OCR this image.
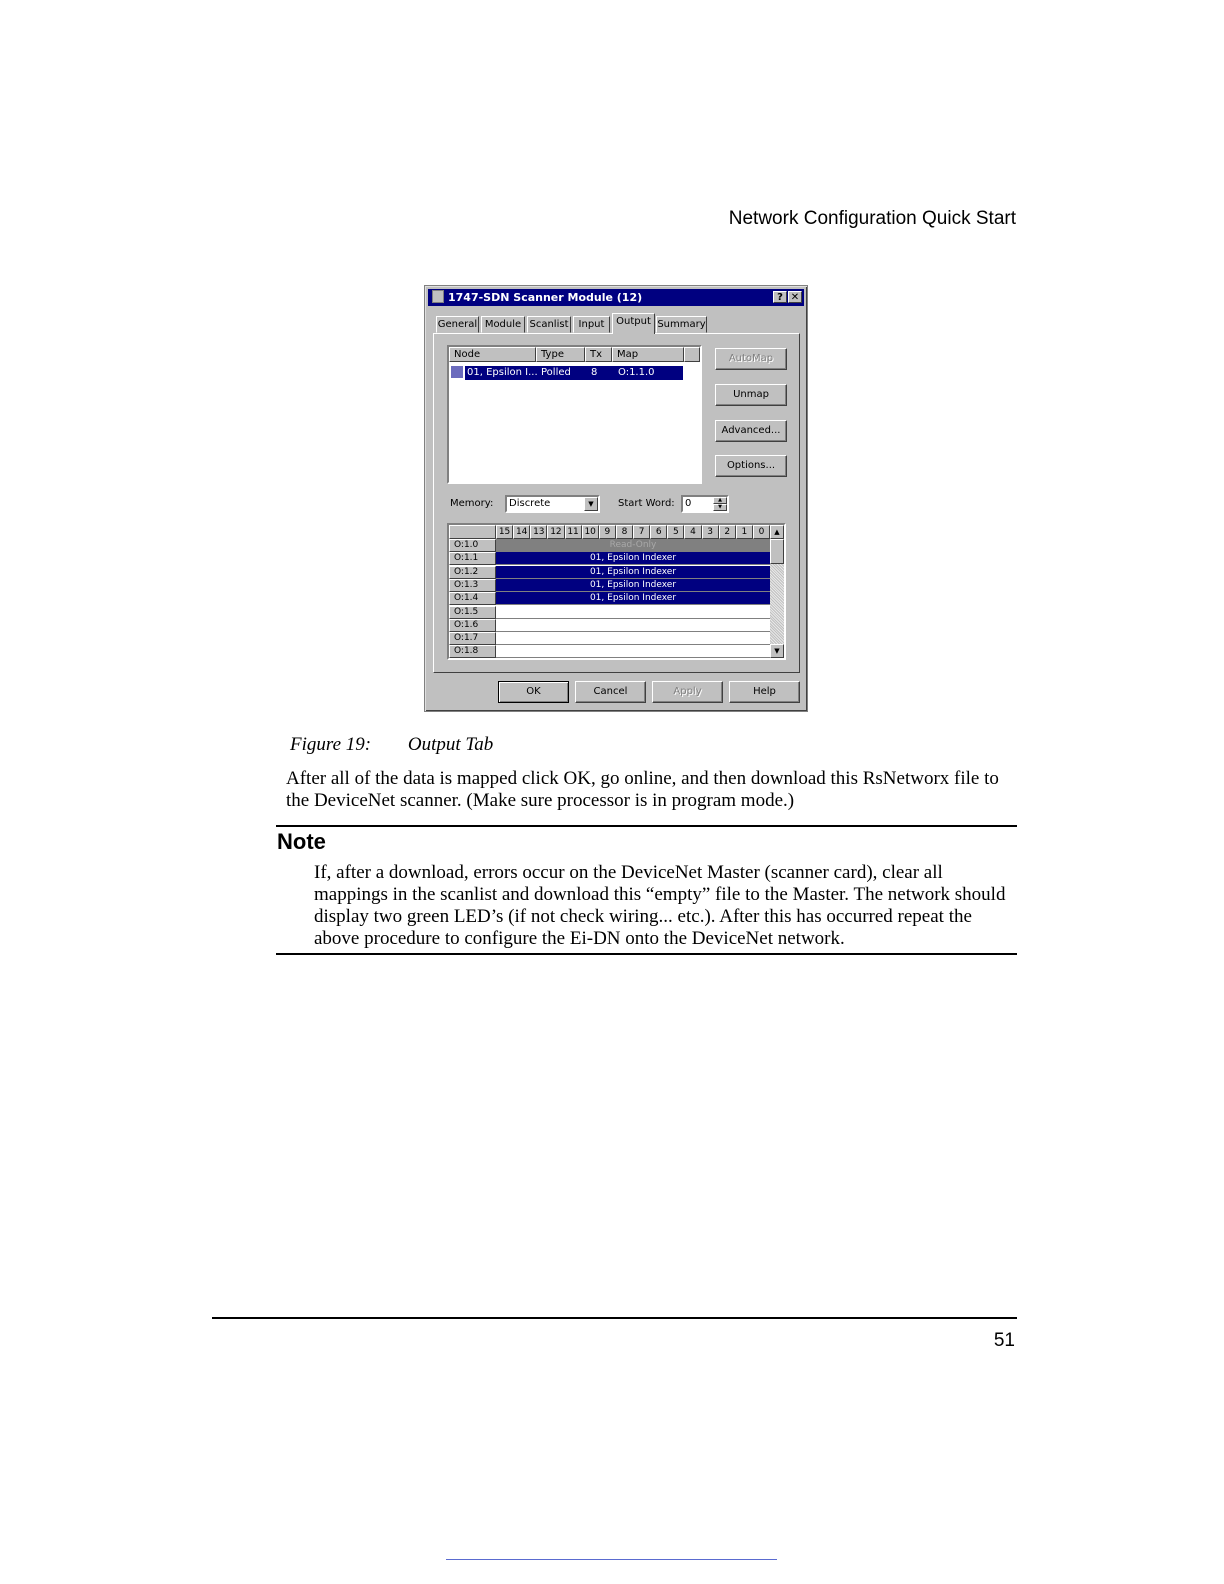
Network Configuration Quick Start
1747-SDN Scanner Module (12)	? ✕
General Module Scanlist	Input	Output Summary
Node	Type	Tx	Map
01, Epsilon I... Polled 8 O:1.1.0
AutoMap
Unmap
Advanced...
Options...
Memory:	Discrete	▼	Start Word:	0	▲
▼
15 14 13 12 11 10 9	8	7	6	5	4	3	2	1	0
O:1.0	Read-Only
O:1.1	01, Epsilon Indexer
O:1.2	01, Epsilon Indexer
O:1.3	01, Epsilon Indexer
O:1.4	01, Epsilon Indexer
O:1.5
O:1.6
O:1.7
O:1.8
▲
▼
OK	Cancel	Apply	Help
Figure 19: Output Tab
After all of the data is mapped click OK, go online, and then download this RsNetworx file to the DeviceNet scanner. (Make sure processor is in program mode.)
Note
If, after a download, errors occur on the DeviceNet Master (scanner card), clear all mappings in the scanlist and download this “empty” file to the Master. The network should display two green LED’s (if not check wiring... etc.). After this has occurred repeat the above procedure to configure the Ei-DN onto the DeviceNet network.
51
